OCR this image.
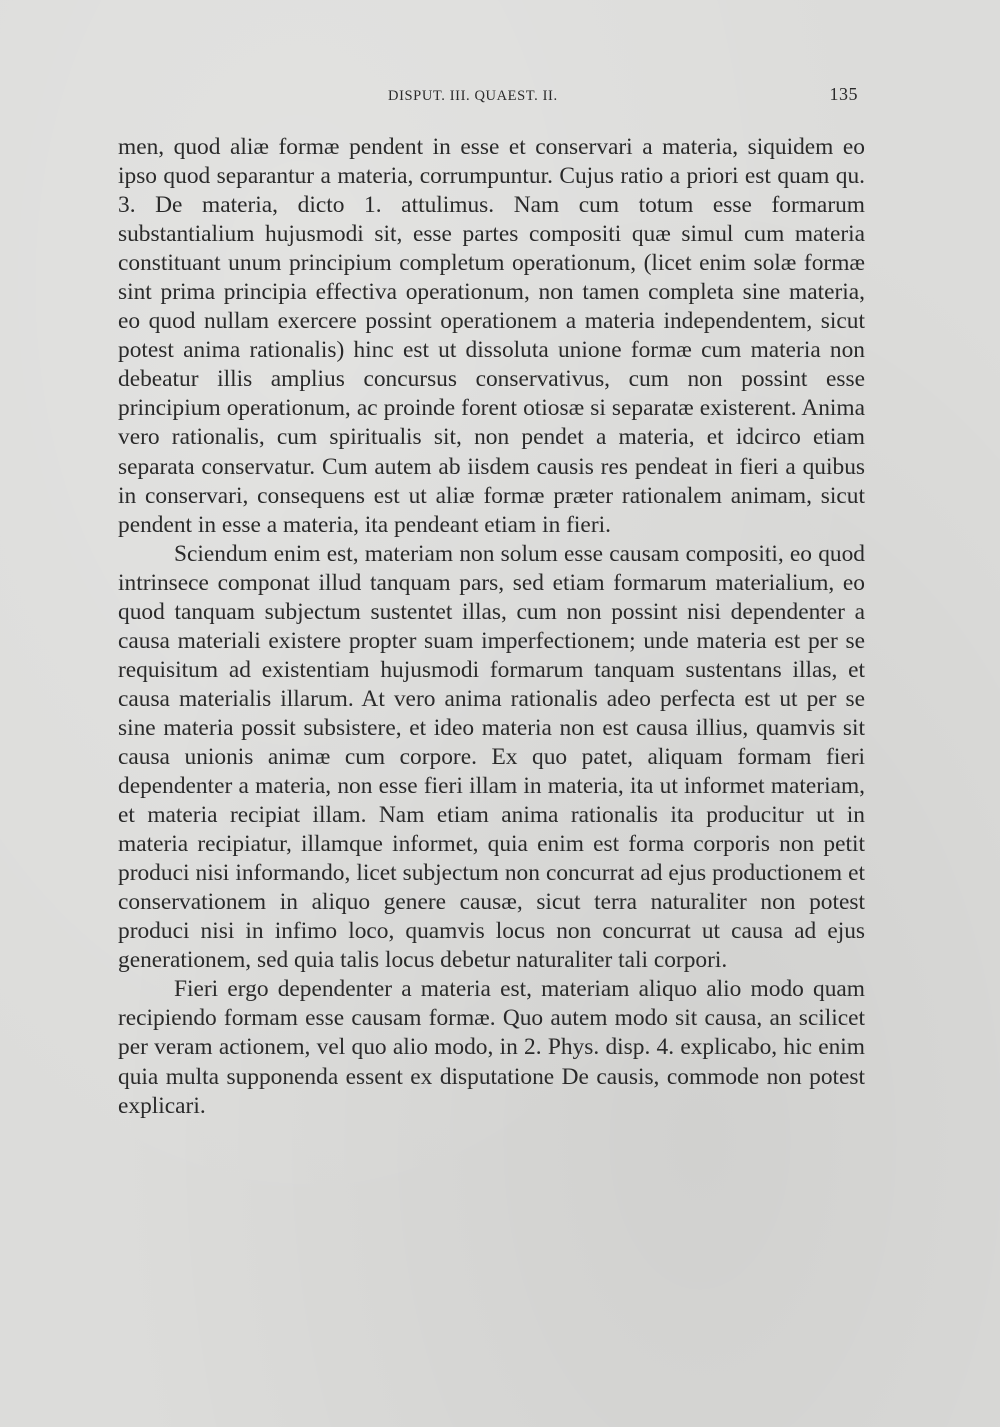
DISPUT. III. QUAEST. II.	135

men, quod aliæ formæ pendent in esse et conservari a materia, siquidem eo ipso quod separantur a materia, corrumpuntur. Cujus ratio a priori est quam qu. 3. De materia, dicto 1. attulimus. Nam cum totum esse formarum substantialium hujusmodi sit, esse partes compositi quæ simul cum materia constituant unum principium completum operationum, (licet enim solæ formæ sint prima principia effectiva operationum, non tamen completa sine materia, eo quod nullam exercere possint operationem a materia independentem, sicut potest anima rationalis) hinc est ut dissoluta unione formæ cum materia non debeatur illis amplius concursus conservativus, cum non possint esse principium operationum, ac proinde forent otiosæ si separatæ existerent. Anima vero rationalis, cum spiritualis sit, non pendet a materia, et idcirco etiam separata conservatur. Cum autem ab iisdem causis res pendeat in fieri a quibus in conservari, consequens est ut aliæ formæ præter rationalem animam, sicut pendent in esse a materia, ita pendeant etiam in fieri.

Sciendum enim est, materiam non solum esse causam compositi, eo quod intrinsece componat illud tanquam pars, sed etiam formarum materialium, eo quod tanquam subjectum sustentet illas, cum non possint nisi dependenter a causa materiali existere propter suam imperfectionem; unde materia est per se requisitum ad existentiam hujusmodi formarum tanquam sustentans illas, et causa materialis illarum. At vero anima rationalis adeo perfecta est ut per se sine materia possit subsistere, et ideo materia non est causa illius, quamvis sit causa unionis animæ cum corpore. Ex quo patet, aliquam formam fieri dependenter a materia, non esse fieri illam in materia, ita ut informet materiam, et materia recipiat illam. Nam etiam anima rationalis ita producitur ut in materia recipiatur, illamque informet, quia enim est forma corporis non petit produci nisi informando, licet subjectum non concurrat ad ejus productionem et conservationem in aliquo genere causæ, sicut terra naturaliter non potest produci nisi in infimo loco, quamvis locus non concurrat ut causa ad ejus generationem, sed quia talis locus debetur naturaliter tali corpori.

Fieri ergo dependenter a materia est, materiam aliquo alio modo quam recipiendo formam esse causam formæ. Quo autem modo sit causa, an scilicet per veram actionem, vel quo alio modo, in 2. Phys. disp. 4. explicabo, hic enim quia multa supponenda essent ex disputatione De causis, commode non potest explicari.
